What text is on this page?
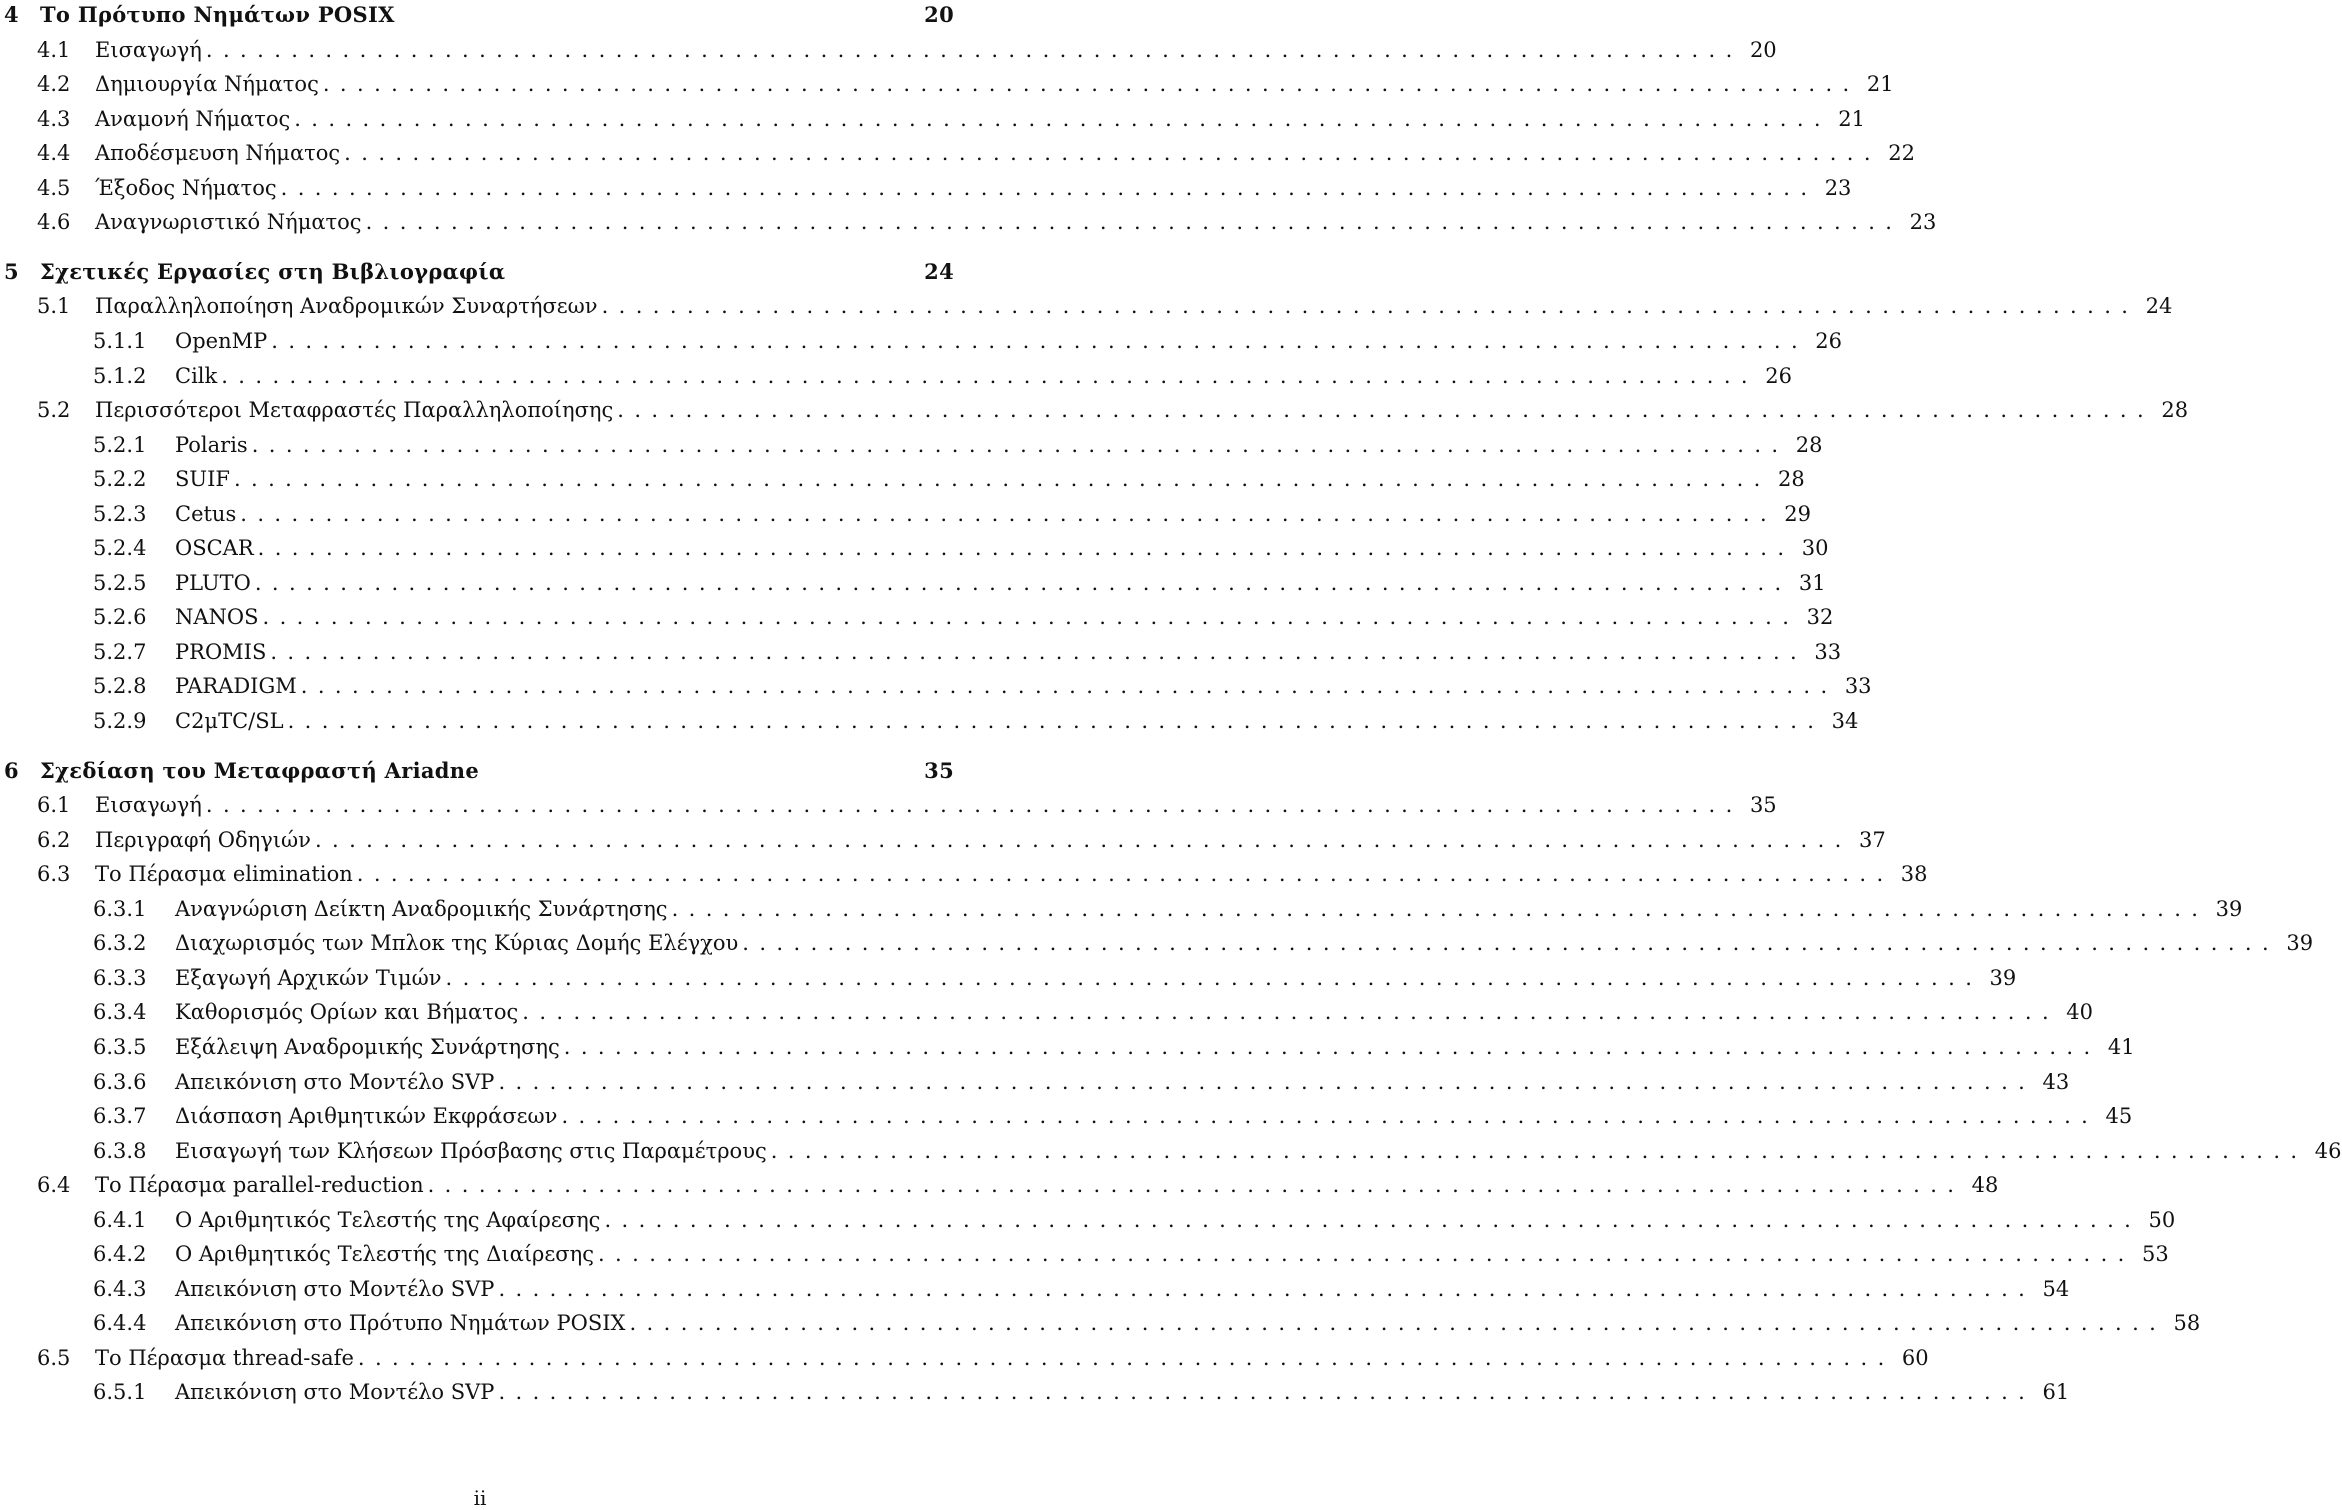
4	Το Πρότυπο Νημάτων POSIX	20
4.1	Εισαγωγή .......................................................................................... 20
4.2	Δημιουργία Νήματος .......................................................................................... 21
4.3	Αναμονή Νήματος .......................................................................................... 21
4.4	Αποδέσμευση Νήματος .......................................................................................... 22
4.5	Έξοδος Νήματος .......................................................................................... 23
4.6	Αναγνωριστικό Νήματος .......................................................................................... 23
5	Σχετικές Εργασίες στη Βιβλιογραφία	24
5.1	Παραλληλοποίηση Αναδρομικών Συναρτήσεων .......................................................................................... 24
5.1.1	OpenMP .......................................................................................... 26
5.1.2	Cilk .......................................................................................... 26
5.2	Περισσότεροι Μεταφραστές Παραλληλοποίησης .......................................................................................... 28
5.2.1	Polaris .......................................................................................... 28
5.2.2	SUIF .......................................................................................... 28
5.2.3	Cetus .......................................................................................... 29
5.2.4	OSCAR .......................................................................................... 30
5.2.5	PLUTO .......................................................................................... 31
5.2.6	NANOS .......................................................................................... 32
5.2.7	PROMIS .......................................................................................... 33
5.2.8	PARADIGM .......................................................................................... 33
5.2.9	C2μTC/SL .......................................................................................... 34
6	Σχεδίαση του Μεταφραστή Ariadne	35
6.1	Εισαγωγή .......................................................................................... 35
6.2	Περιγραφή Οδηγιών .......................................................................................... 37
6.3	Το Πέρασμα elimination .......................................................................................... 38
6.3.1	Αναγνώριση Δείκτη Αναδρομικής Συνάρτησης .......................................................................................... 39
6.3.2	Διαχωρισμός των Μπλοκ της Κύριας Δομής Ελέγχου .......................................................................................... 39
6.3.3	Εξαγωγή Αρχικών Τιμών .......................................................................................... 39
6.3.4	Καθορισμός Ορίων και Βήματος .......................................................................................... 40
6.3.5	Εξάλειψη Αναδρομικής Συνάρτησης .......................................................................................... 41
6.3.6	Απεικόνιση στο Μοντέλο SVP .......................................................................................... 43
6.3.7	Διάσπαση Αριθμητικών Εκφράσεων .......................................................................................... 45
6.3.8	Εισαγωγή των Κλήσεων Πρόσβασης στις Παραμέτρους .......................................................................................... 46
6.4	Το Πέρασμα parallel-reduction .......................................................................................... 48
6.4.1	Ο Αριθμητικός Τελεστής της Αφαίρεσης .......................................................................................... 50
6.4.2	Ο Αριθμητικός Τελεστής της Διαίρεσης .......................................................................................... 53
6.4.3	Απεικόνιση στο Μοντέλο SVP .......................................................................................... 54
6.4.4	Απεικόνιση στο Πρότυπο Νημάτων POSIX .......................................................................................... 58
6.5	Το Πέρασμα thread-safe .......................................................................................... 60
6.5.1	Απεικόνιση στο Μοντέλο SVP .......................................................................................... 61
ii
